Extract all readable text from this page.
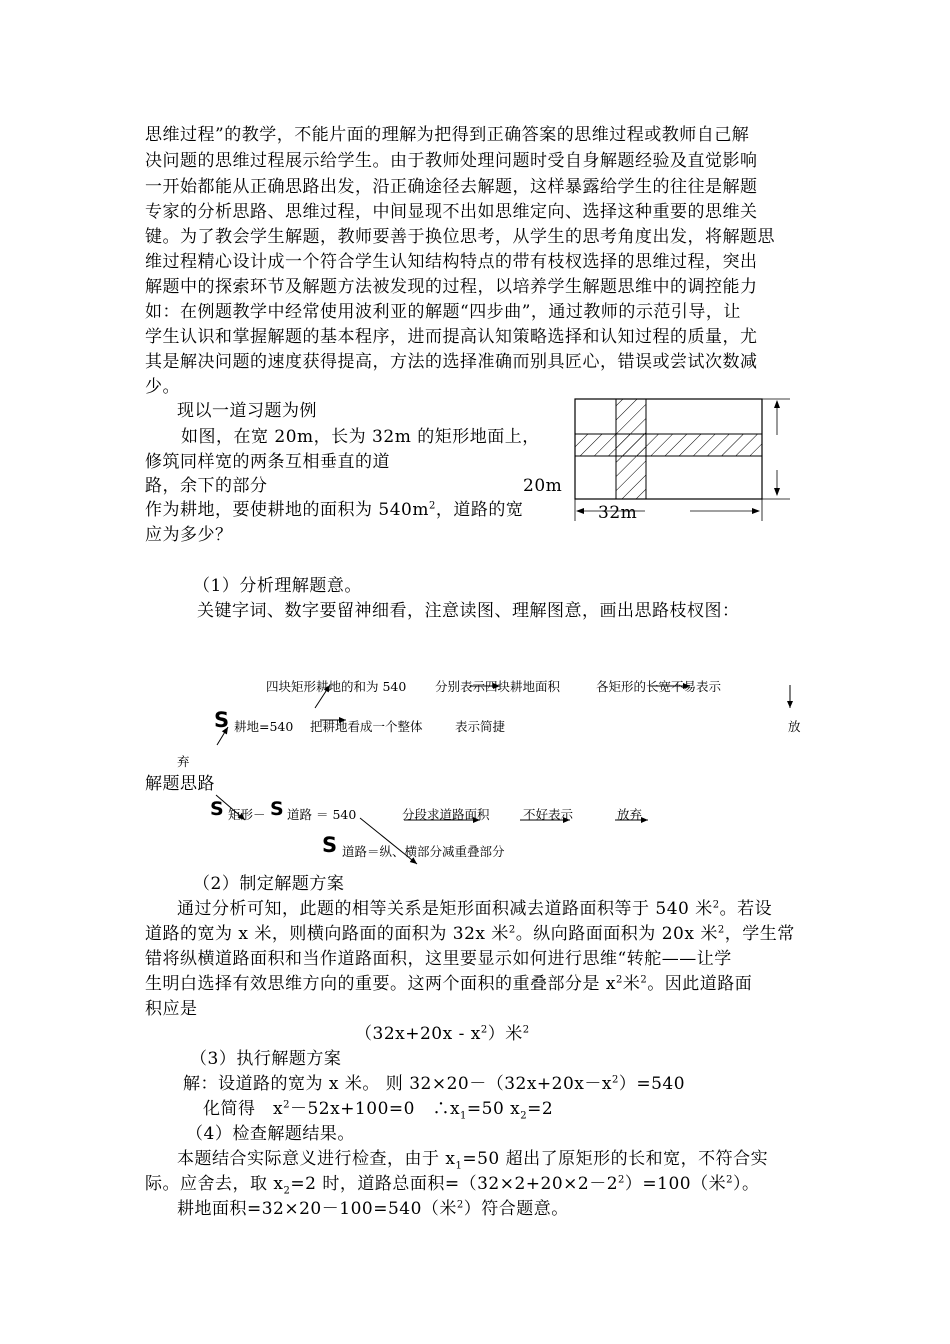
思维过程”的教学，不能片面的理解为把得到正确答案的思维过程或教师自己解
决问题的思维过程展示给学生。由于教师处理问题时受自身解题经验及直觉影响
一开始都能从正确思路出发，沿正确途径去解题，这样暴露给学生的往往是解题
专家的分析思路、思维过程，中间显现不出如思维定向、选择这种重要的思维关
键。为了教会学生解题，教师要善于换位思考，从学生的思考角度出发，将解题思
维过程精心设计成一个符合学生认知结构特点的带有枝杈选择的思维过程，突出
解题中的探索环节及解题方法被发现的过程，以培养学生解题思维中的调控能力
如：在例题教学中经常使用波利亚的解题“四步曲”，通过教师的示范引导，让
学生认识和掌握解题的基本程序，进而提高认知策略选择和认知过程的质量，尤
其是解决问题的速度获得提高，方法的选择准确而别具匠心，错误或尝试次数减
少。
现以一道习题为例
如图，在宽 20m，长为 32m 的矩形地面上，
修筑同样宽的两条互相垂直的道
路，余下的部分	20m
作为耕地，要使耕地的面积为 $540m^2$，道路的宽
应为多少？
32m
（1）分析理解题意。
关键字词、数字要留神细看，注意读图、理解图意，画出思路枝杈图：
四块矩形耕地的和为 540 分别表示四块耕地面积	各矩形的长宽不易表示
S 耕地=540 把耕地看成一个整体	表示简捷	放
弃
解题思路
S 矩形－ S 道路 ＝ 540	分段求道路面积	不好表示	放弃
S 道路＝纵、横部分减重叠部分
（2）制定解题方案
通过分析可知，此题的相等关系是矩形面积减去道路面积等于 540 米$^2$。若设
道路的宽为 x 米，则横向路面的面积为 32x 米$^2$。纵向路面面积为 20x 米$^2$，学生常
错将纵横道路面积和当作道路面积，这里要显示如何进行思维“转舵——让学
生明白选择有效思维方向的重要。这两个面积的重叠部分是 $x^2$米$^2$。因此道路面
积应是
$(32x+20x - x^2)$米$^2$
（3）执行解题方案
解：设道路的宽为 x 米。 则 $32\times 20-(32x+20x-x^2)=540$
化简得　$x^2-52x+100=0$　$\therefore x_1=50$ $x_2=2$
（4）检查解题结果。
本题结合实际意义进行检查，由于 $x_1=50$ 超出了原矩形的长和宽，不符合实
际。应舍去，取 $x_2=2$ 时，道路总面积$=(32\times 2+20\times 2-2^2)=100$（米$^2$）。
耕地面积=32×20－100=540（米$^2$）符合题意。
